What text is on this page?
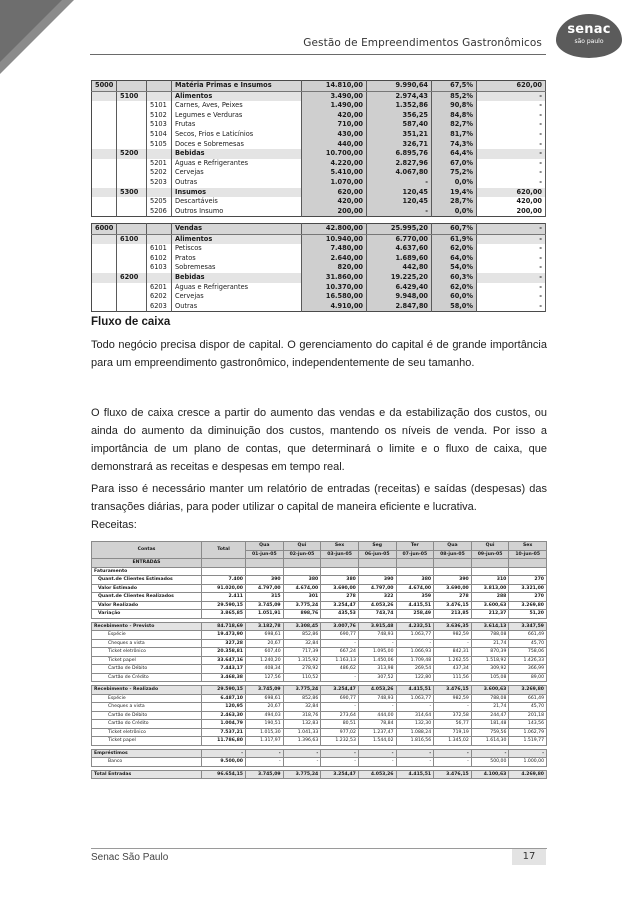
Gestão de Empreendimentos Gastronômicos
senac
são paulo
5000			Matéria Primas e Insumos	14.810,00	9.990,64	67,5%	620,00
	5100		Alimentos	3.490,00	2.974,43	85,2%	-
		5101	Carnes, Aves, Peixes	1.490,00	1.352,86	90,8%	-
		5102	Legumes e Verduras	420,00	356,25	84,8%	-
		5103	Frutas	710,00	587,40	82,7%	-
		5104	Secos, Frios e Laticínios	430,00	351,21	81,7%	-
		5105	Doces e Sobremesas	440,00	326,71	74,3%	-
	5200		Bebidas	10.700,00	6.895,76	64,4%	-
		5201	Águas e Refrigerantes	4.220,00	2.827,96	67,0%	-
		5202	Cervejas	5.410,00	4.067,80	75,2%	-
		5203	Outras	1.070,00	-	0,0%	-
	5300		Insumos	620,00	120,45	19,4%	620,00
		5205	Descartáveis	420,00	120,45	28,7%	420,00
		5206	Outros Insumo	200,00	-	0,0%	200,00
6000			Vendas	42.800,00	25.995,20	60,7%	-
	6100		Alimentos	10.940,00	6.770,00	61,9%	-
		6101	Petiscos	7.480,00	4.637,60	62,0%	-
		6102	Pratos	2.640,00	1.689,60	64,0%	-
		6103	Sobremesas	820,00	442,80	54,0%	-
	6200		Bebidas	31.860,00	19.225,20	60,3%	-
		6201	Águas e Refrigerantes	10.370,00	6.429,40	62,0%	-
		6202	Cervejas	16.580,00	9.948,00	60,0%	-
		6203	Outras	4.910,00	2.847,80	58,0%	-
Fluxo de caixa

Todo negócio precisa dispor de capital. O gerenciamento do capital é de grande importância para um empreendimento gastronômico, independentemente de seu tamanho.

O fluxo de caixa cresce a partir do aumento das vendas e da estabilização dos custos, ou ainda do aumento da diminuição dos custos, mantendo os níveis de venda. Por isso a importância de um plano de contas, que determinará o limite e o fluxo de caixa, que demonstrará as receitas e despesas em tempo real.

Para isso é necessário manter um relatório de entradas (receitas) e saídas (despesas) das transações diárias, para poder utilizar o capital de maneira eficiente e lucrativa.

Receitas:
Contas	Total	Qua	Qui	Sex	Seg	Ter	Qua	Qui	Sex
		01-jun-05	02-jun-05	03-jun-05	06-jun-05	07-jun-05	08-jun-05	09-jun-05	10-jun-05
ENTRADAS									
Faturamento									
Quant.de Clientes Estimados	7.400	390	380	380	390	380	390	310	270
Valor Estimado	91.020,00	4.797,00	4.674,00	3.690,00	4.797,00	4.674,00	3.690,00	3.813,00	3.321,00
Quant.de Clientes Realizados	2.411	315	301	278	322	359	278	288	270
Valor Realizado	29.590,15	3.745,09	3.775,24	3.254,47	4.053,26	4.415,51	3.476,15	3.600,63	3.269,80
Variação	3.865,85	1.051,91	898,76	435,53	743,74	258,49	213,85	212,37	51,20

Recebimento - Previsto	84.718,69	3.182,78	3.308,45	3.007,76	3.915,48	4.232,51	3.636,35	3.614,13	3.347,59
Espécie	19.473,90	698,61	852,86	690,77	748,93	1.063,77	982,59	788,08	661,49
Cheques a vista	327,28	20,67	32,84	-	-	-	-	21,74	45,70
Ticket eletrônico	20.358,81	607,40	717,39	667,24	1.095,00	1.066,93	842,31	870,39	758,06
Ticket papel	33.647,16	1.240,20	1.315,92	1.163,13	1.450,06	1.709,48	1.262,55	1.518,92	1.426,33
Cartão de Débito	7.443,17	408,34	278,92	486,62	313,98	269,54	437,34	309,92	366,99
Cartão de Crédito	3.468,38	127,56	110,52	-	307,52	122,80	111,56	105,08	89,00

Recebimento - Realizado	29.590,15	3.745,09	3.775,24	3.254,47	4.053,26	4.415,51	3.476,15	3.600,63	3.269,80
Espécie	6.487,10	698,61	852,86	690,77	748,93	1.063,77	982,59	788,08	661,49
Cheques a vista	120,95	20,67	32,84	-	-	-	-	21,74	45,70
Cartão de Débito	2.463,30	494,03	318,76	273,64	444,00	314,64	372,58	244,47	201,18
Cartão do Crédito	1.004,79	190,51	132,83	80,51	78,84	132,30	56,77	181,48	143,56
Ticket eletrônico	7.537,21	1.015,30	1.041,33	977,02	1.237,47	1.088,24	719,19	759,56	1.062,79
Ticket papel	11.786,80	1.317,97	1.396,63	1.232,53	1.544,02	1.816,56	1.345,02	1.614,30	1.519,77

Empréstimos	-	-	-	-	-	-	-	-	-
Banco	9.500,00	-	-	-	-	-	-	500,00	1.000,00

Total Entradas	96.654,15	3.745,09	3.775,24	3.254,47	4.053,26	4.415,51	3.476,15	4.100,63	4.269,80
Senac São Paulo	17
